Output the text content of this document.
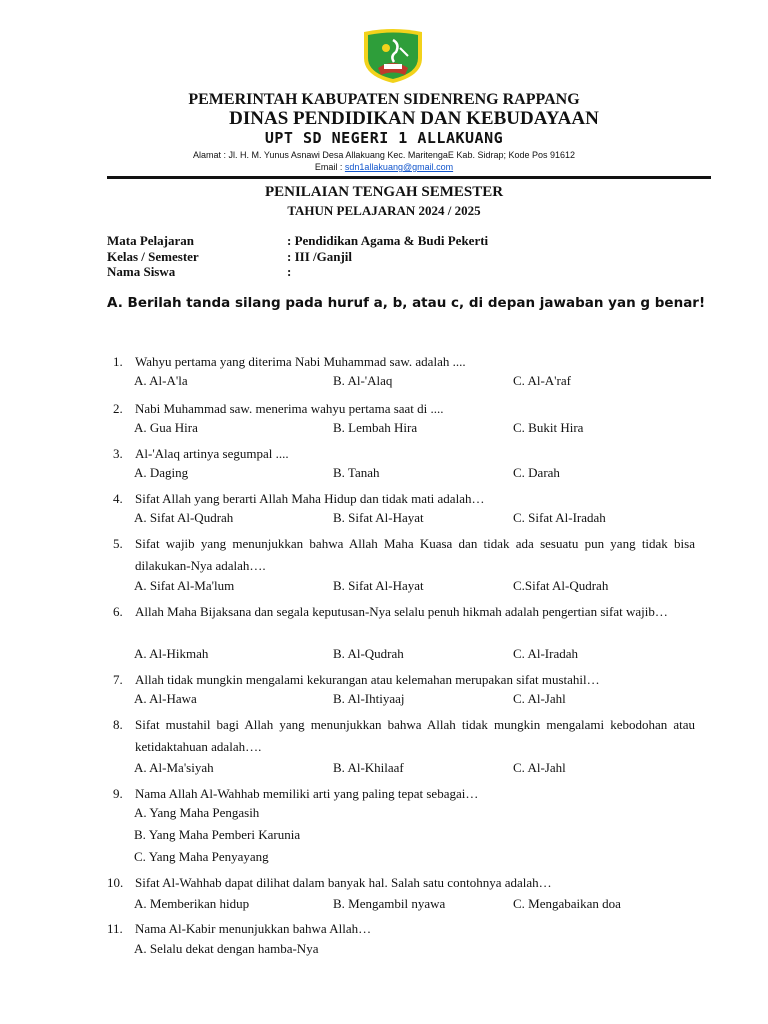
PEMERINTAH KABUPATEN SIDENRENG RAPPANG
DINAS PENDIDIKAN DAN KEBUDAYAAN
UPT SD NEGERI 1 ALLAKUANG
Alamat : Jl. H. M. Yunus Asnawi Desa Allakuang Kec. MaritengaE Kab. Sidrap; Kode Pos 91612
Email : sdn1allakuang@gmail.com
PENILAIAN TENGAH SEMESTER
TAHUN PELAJARAN 2024 / 2025
Mata Pelajaran	: Pendidikan Agama & Budi Pekerti
Kelas / Semester	: III /Ganjil
Nama Siswa	:
A. Berilah tanda silang pada huruf a, b, atau c, di depan jawaban yan g benar!
1. Wahyu pertama yang diterima Nabi Muhammad saw. adalah ....
A. Al-A'la	B. Al-'Alaq	C. Al-A'raf
2. Nabi Muhammad saw. menerima wahyu pertama saat di ....
A. Gua Hira	B. Lembah Hira	C. Bukit Hira
3. Al-'Alaq artinya segumpal ....
A. Daging	B. Tanah	C. Darah
4. Sifat Allah yang berarti Allah Maha Hidup dan tidak mati adalah…
A. Sifat Al-Qudrah	B. Sifat Al-Hayat	C. Sifat Al-Iradah
5. Sifat wajib yang menunjukkan bahwa Allah Maha Kuasa dan tidak ada sesuatu pun yang tidak bisa dilakukan-Nya adalah….
A. Sifat Al-Ma'lum	B. Sifat Al-Hayat	C.Sifat Al-Qudrah
6. Allah Maha Bijaksana dan segala keputusan-Nya selalu penuh hikmah adalah pengertian sifat wajib…
A. Al-Hikmah	B. Al-Qudrah	C. Al-Iradah
7. Allah tidak mungkin mengalami kekurangan atau kelemahan merupakan sifat mustahil…
A. Al-Hawa	B. Al-Ihtiyaaj	C. Al-Jahl
8. Sifat mustahil bagi Allah yang menunjukkan bahwa Allah tidak mungkin mengalami kebodohan atau ketidaktahuan adalah….
A. Al-Ma'siyah	B. Al-Khilaaf	C. Al-Jahl
9. Nama Allah Al-Wahhab memiliki arti yang paling tepat sebagai…
A. Yang Maha Pengasih
B. Yang Maha Pemberi Karunia
C. Yang Maha Penyayang
10. Sifat Al-Wahhab dapat dilihat dalam banyak hal. Salah satu contohnya adalah…
A. Memberikan hidup	B. Mengambil nyawa	C. Mengabaikan doa
11. Nama Al-Kabir menunjukkan bahwa Allah…
A. Selalu dekat dengan hamba-Nya
